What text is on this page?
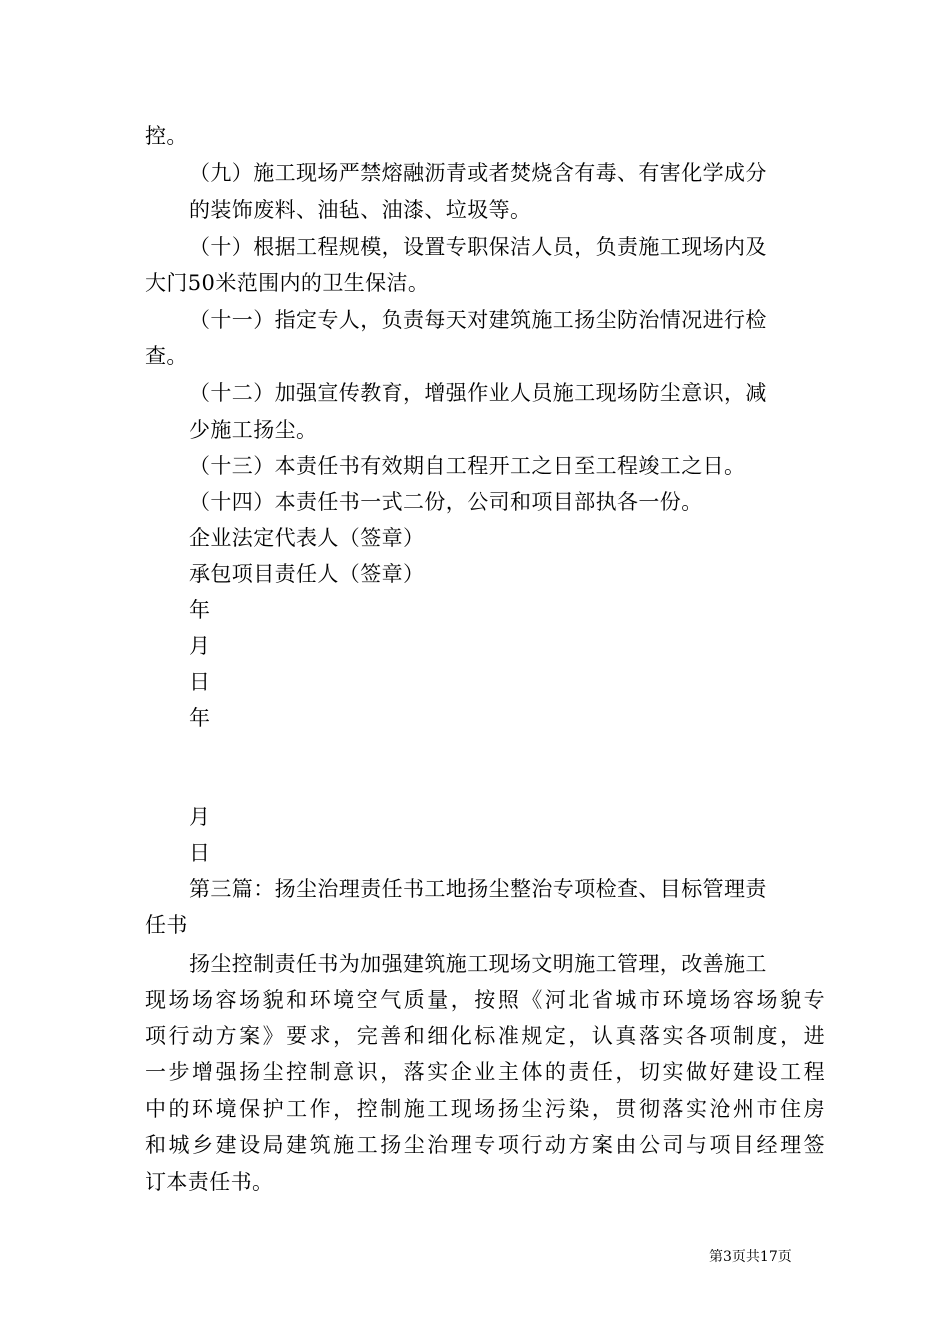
控。
（九）施工现场严禁熔融沥青或者焚烧含有毒、有害化学成分
的装饰废料、油毡、油漆、垃圾等。
（十）根据工程规模，设置专职保洁人员，负责施工现场内及
大门50米范围内的卫生保洁。
（十一）指定专人，负责每天对建筑施工扬尘防治情况进行检
查。
（十二）加强宣传教育，增强作业人员施工现场防尘意识，减
少施工扬尘。
（十三）本责任书有效期自工程开工之日至工程竣工之日。
（十四）本责任书一式二份，公司和项目部执各一份。
企业法定代表人（签章）
承包项目责任人（签章）
年
月
日
年
月
日
第三篇：扬尘治理责任书工地扬尘整治专项检查、目标管理责
任书
扬尘控制责任书为加强建筑施工现场文明施工管理，改善施工
现场场容场貌和环境空气质量，按照《河北省城市环境场容场貌专
项行动方案》要求，完善和细化标准规定，认真落实各项制度，进
一步增强扬尘控制意识，落实企业主体的责任，切实做好建设工程
中的环境保护工作，控制施工现场扬尘污染，贯彻落实沧州市住房
和城乡建设局建筑施工扬尘治理专项行动方案由公司与项目经理签
订本责任书。
第3页共17页
